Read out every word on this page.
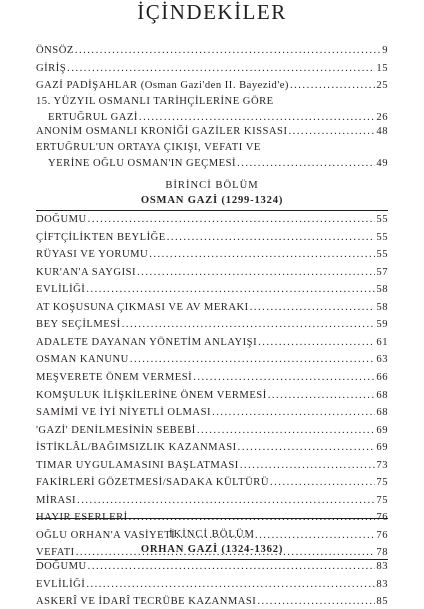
İÇİNDEKİLER
ÖNSÖZ .....	9
GİRİŞ .....	15
GAZİ PADİŞAHLAR (Osman Gazi'den II. Bayezid'e) .....	25
15. YÜZYIL OSMANLI TARİHÇİLERİNE GÖRE
ERTUĞRUL GAZİ .....	26
ANONİM OSMANLI KRONİĞİ GAZİLER KISSASI .....	48
ERTUĞRUL'UN ORTAYA ÇIKIŞI, VEFATI VE
YERİNE OĞLU OSMAN'IN GEÇMESİ .....	49
DOĞUMU .....	55
ÇİFTÇİLİKTEN BEYLİĞE .....	55
RÜYASI VE YORUMU .....	55
KUR'AN'A SAYGISI .....	57
EVLİLİĞİ .....	58
AT KOŞUSUNA ÇIKMASI VE AV MERAKI .....	58
BEY SEÇİLMESİ .....	59
ADALETE DAYANAN YÖNETİM ANLAYIŞI .....	61
OSMAN KANUNU .....	63
MEŞVERETE ÖNEM VERMESİ .....	66
KOMŞULUK İLİŞKİLERİNE ÖNEM VERMESİ .....	68
SAMİMİ VE İYİ NİYETLİ OLMASI .....	68
'GAZİ' DENİLMESİNİN SEBEBİ .....	69
İSTİKLÂL/BAĞIMSIZLIK KAZANMASI .....	69
TIMAR UYGULAMASINI BAŞLATMASI .....	73
FAKİRLERİ GÖZETMESİ/SADAKA KÜLTÜRÜ .....	75
MİRASI .....	75
HAYIR ESERLERİ .....	76
OĞLU ORHAN'A VASİYETİ .....	76
VEFATI .....	78
DOĞUMU .....	83
EVLİLİĞİ .....	83
ASKERÎ VE İDARÎ TECRÜBE KAZANMASI .....	85
BİRİNCİ BÖLÜM
OSMAN GAZİ (1299-1324)
İKİNCİ BÖLÜM
ORHAN GAZİ (1324-1362)
